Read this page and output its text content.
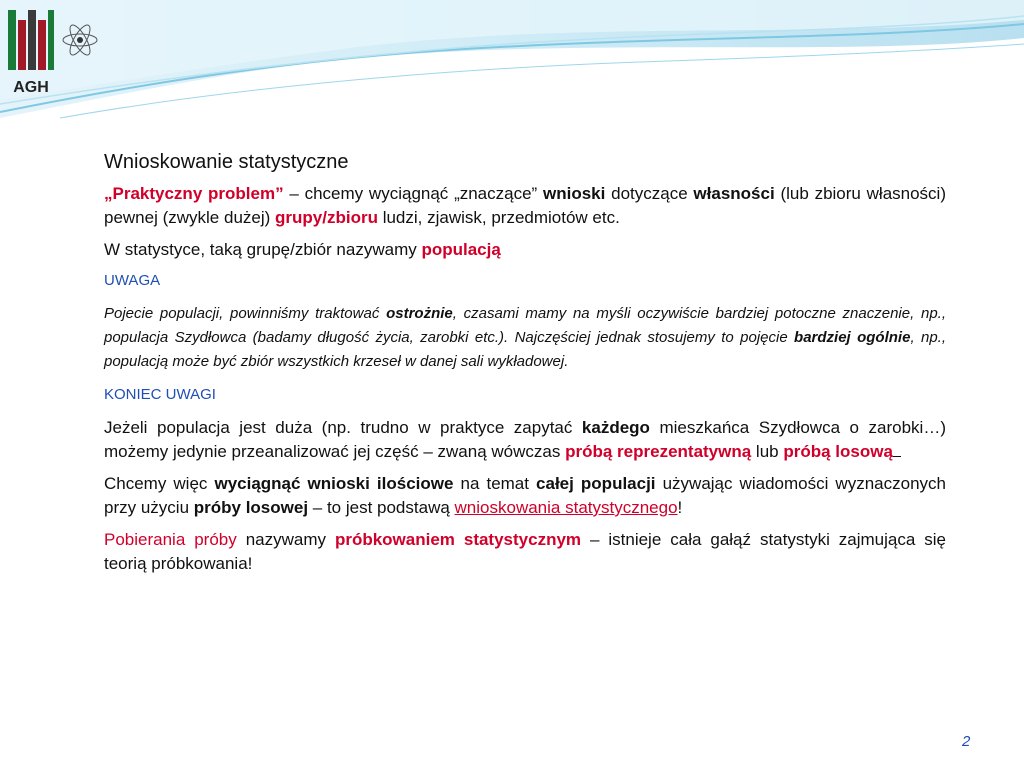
AGH

Wnioskowanie statystyczne

„Praktyczny problem” – chcemy wyciągnąć „znaczące” wnioski dotyczące własności (lub zbioru własności) pewnej (zwykle dużej) grupy/zbioru ludzi, zjawisk, przedmiotów etc.

W statystyce, taką grupę/zbiór nazywamy populacją

UWAGA

Pojecie populacji, powinniśmy traktować ostrożnie, czasami mamy na myśli oczywiście bardziej potoczne znaczenie, np., populacja Szydłowca (badamy długość życia, zarobki etc.). Najczęściej jednak stosujemy to pojęcie bardziej ogólnie, np., populacją może być zbiór wszystkich krzeseł w danej sali wykładowej.

KONIEC UWAGI

Jeżeli populacja jest duża (np. trudno w praktyce zapytać każdego mieszkańca Szydłowca o zarobki…) możemy jedynie przeanalizować jej część – zwaną wówczas próbą reprezentatywną lub próbą losową

Chcemy więc wyciągnąć wnioski ilościowe na temat całej populacji używając wiadomości wyznaczonych przy użyciu próby losowej – to jest podstawą wnioskowania statystycznego!

Pobierania próby nazywamy próbkowaniem statystycznym – istnieje cała gałąź statystyki zajmująca się teorią próbkowania!

2
